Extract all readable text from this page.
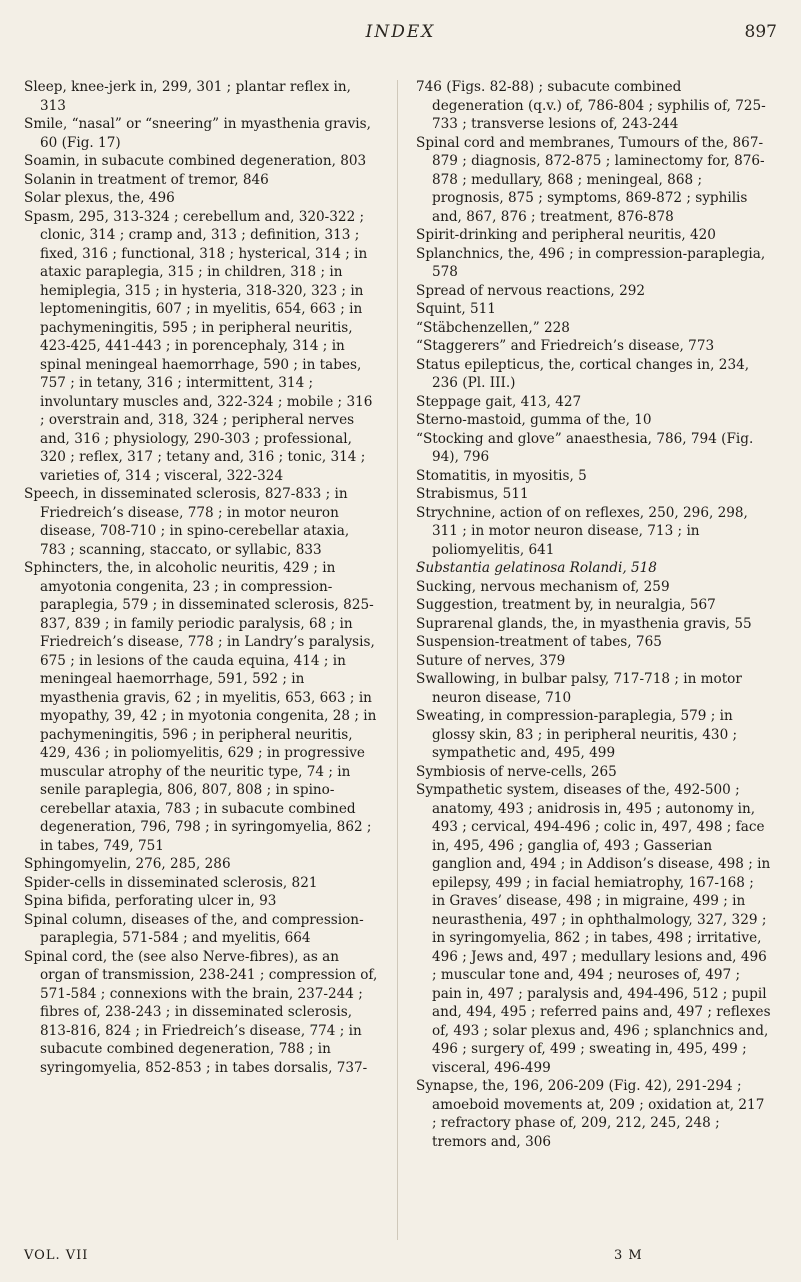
INDEX	897

Sleep, knee-jerk in, 299, 301 ; plantar reflex in, 313

Smile, “nasal” or “sneering” in myasthenia gravis, 60 (Fig. 17)

Soamin, in subacute combined degeneration, 803

Solanin in treatment of tremor, 846

Solar plexus, the, 496

Spasm, 295, 313-324 ; cerebellum and, 320-322 ; clonic, 314 ; cramp and, 313 ; definition, 313 ; fixed, 316 ; functional, 318 ; hysterical, 314 ; in ataxic paraplegia, 315 ; in children, 318 ; in hemiplegia, 315 ; in hysteria, 318-320, 323 ; in leptomeningitis, 607 ; in myelitis, 654, 663 ; in pachymeningitis, 595 ; in peripheral neuritis, 423-425, 441-443 ; in porencephaly, 314 ; in spinal meningeal haemorrhage, 590 ; in tabes, 757 ; in tetany, 316 ; intermittent, 314 ; involuntary muscles and, 322-324 ; mobile ; 316 ; overstrain and, 318, 324 ; peripheral nerves and, 316 ; physiology, 290-303 ; professional, 320 ; reflex, 317 ; tetany and, 316 ; tonic, 314 ; varieties of, 314 ; visceral, 322-324

Speech, in disseminated sclerosis, 827-833 ; in Friedreich’s disease, 778 ; in motor neuron disease, 708-710 ; in spino-cerebellar ataxia, 783 ; scanning, staccato, or syllabic, 833

Sphincters, the, in alcoholic neuritis, 429 ; in amyotonia congenita, 23 ; in compression-paraplegia, 579 ; in disseminated sclerosis, 825-837, 839 ; in family periodic paralysis, 68 ; in Friedreich’s disease, 778 ; in Landry’s paralysis, 675 ; in lesions of the cauda equina, 414 ; in meningeal haemorrhage, 591, 592 ; in myasthenia gravis, 62 ; in myelitis, 653, 663 ; in myopathy, 39, 42 ; in myotonia congenita, 28 ; in pachymeningitis, 596 ; in peripheral neuritis, 429, 436 ; in poliomyelitis, 629 ; in progressive muscular atrophy of the neuritic type, 74 ; in senile paraplegia, 806, 807, 808 ; in spino-cerebellar ataxia, 783 ; in subacute combined degeneration, 796, 798 ; in syringomyelia, 862 ; in tabes, 749, 751

Sphingomyelin, 276, 285, 286

Spider-cells in disseminated sclerosis, 821

Spina bifida, perforating ulcer in, 93

Spinal column, diseases of the, and compression-paraplegia, 571-584 ; and myelitis, 664

Spinal cord, the (see also Nerve-fibres), as an organ of transmission, 238-241 ; compression of, 571-584 ; connexions with the brain, 237-244 ; fibres of, 238-243 ; in disseminated sclerosis, 813-816, 824 ; in Friedreich’s disease, 774 ; in subacute combined degeneration, 788 ; in syringomyelia, 852-853 ; in tabes dorsalis, 737-

746 (Figs. 82-88) ; subacute combined degeneration (q.v.) of, 786-804 ; syphilis of, 725-733 ; transverse lesions of, 243-244

Spinal cord and membranes, Tumours of the, 867-879 ; diagnosis, 872-875 ; laminectomy for, 876-878 ; medullary, 868 ; meningeal, 868 ; prognosis, 875 ; symptoms, 869-872 ; syphilis and, 867, 876 ; treatment, 876-878

Spirit-drinking and peripheral neuritis, 420

Splanchnics, the, 496 ; in compression-paraplegia, 578

Spread of nervous reactions, 292

Squint, 511

“Stäbchenzellen,” 228

“Staggerers” and Friedreich’s disease, 773

Status epilepticus, the, cortical changes in, 234, 236 (Pl. III.)

Steppage gait, 413, 427

Sterno-mastoid, gumma of the, 10

“Stocking and glove” anaesthesia, 786, 794 (Fig. 94), 796

Stomatitis, in myositis, 5

Strabismus, 511

Strychnine, action of on reflexes, 250, 296, 298, 311 ; in motor neuron disease, 713 ; in poliomyelitis, 641

Substantia gelatinosa Rolandi, 518

Sucking, nervous mechanism of, 259

Suggestion, treatment by, in neuralgia, 567

Suprarenal glands, the, in myasthenia gravis, 55

Suspension-treatment of tabes, 765

Suture of nerves, 379

Swallowing, in bulbar palsy, 717-718 ; in motor neuron disease, 710

Sweating, in compression-paraplegia, 579 ; in glossy skin, 83 ; in peripheral neuritis, 430 ; sympathetic and, 495, 499

Symbiosis of nerve-cells, 265

Sympathetic system, diseases of the, 492-500 ; anatomy, 493 ; anidrosis in, 495 ; autonomy in, 493 ; cervical, 494-496 ; colic in, 497, 498 ; face in, 495, 496 ; ganglia of, 493 ; Gasserian ganglion and, 494 ; in Addison’s disease, 498 ; in epilepsy, 499 ; in facial hemiatrophy, 167-168 ; in Graves’ disease, 498 ; in migraine, 499 ; in neurasthenia, 497 ; in ophthalmology, 327, 329 ; in syringomyelia, 862 ; in tabes, 498 ; irritative, 496 ; Jews and, 497 ; medullary lesions and, 496 ; muscular tone and, 494 ; neuroses of, 497 ; pain in, 497 ; paralysis and, 494-496, 512 ; pupil and, 494, 495 ; referred pains and, 497 ; reflexes of, 493 ; solar plexus and, 496 ; splanchnics and, 496 ; surgery of, 499 ; sweating in, 495, 499 ; visceral, 496-499

Synapse, the, 196, 206-209 (Fig. 42), 291-294 ; amoeboid movements at, 209 ; oxidation at, 217 ; refractory phase of, 209, 212, 245, 248 ; tremors and, 306

VOL. VII	3 M
